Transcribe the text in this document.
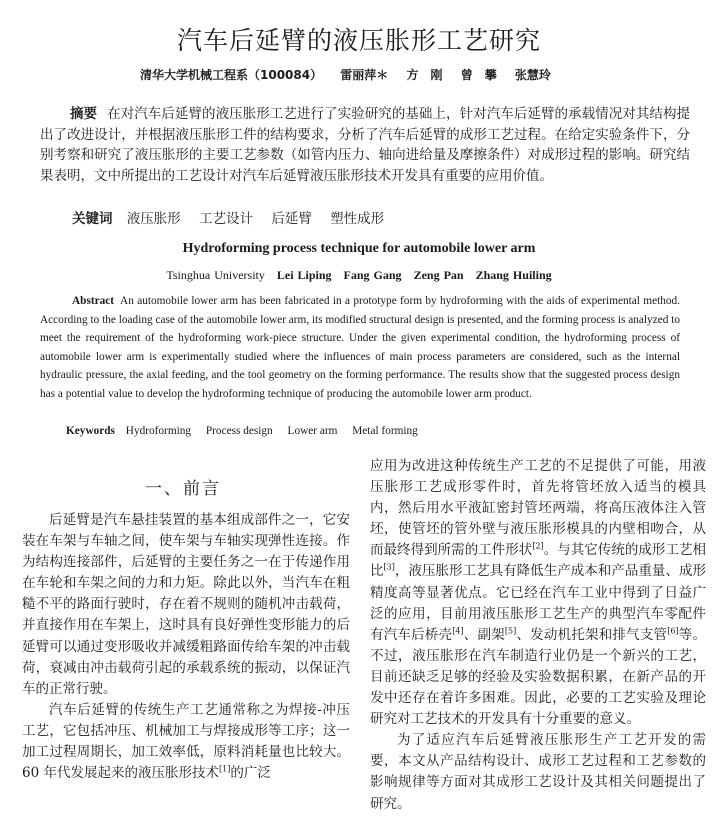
汽车后延臂的液压胀形工艺研究
清华大学机械工程系（100084） 雷丽萍＊ 方　刚 曾　攀 张慧玲
摘要 在对汽车后延臂的液压胀形工艺进行了实验研究的基础上，针对汽车后延臂的承载情况对其结构提出了改进设计，并根据液压胀形工件的结构要求，分析了汽车后延臂的成形工艺过程。在给定实验条件下，分别考察和研究了液压胀形的主要工艺参数（如管内压力、轴向进给量及摩擦条件）对成形过程的影响。研究结果表明，文中所提出的工艺设计对汽车后延臂液压胀形技术开发具有重要的应用价值。
关键词 液压胀形 工艺设计 后延臂 塑性成形
Hydroforming process technique for automobile lower arm
Tsinghua University Lei Liping Fang Gang Zeng Pan Zhang Huiling
Abstract An automobile lower arm has been fabricated in a prototype form by hydroforming with the aids of experimental method. According to the loading case of the automobile lower arm, its modified structural design is presented, and the forming process is analyzed to meet the requirement of the hydroforming work-piece structure. Under the given experimental condition, the hydroforming process of automobile lower arm is experimentally studied where the influences of main process parameters are considered, such as the internal hydraulic pressure, the axial feeding, and the tool geometry on the forming performance. The results show that the suggested process design has a potential value to develop the hydroforming technique of producing the automobile lower arm product.
Keywords Hydroforming Process design Lower arm Metal forming
一、前言

后延臂是汽车悬挂装置的基本组成部件之一，它安装在车架与车轴之间，使车架与车轴实现弹性连接。作为结构连接部件，后延臂的主要任务之一在于传递作用在车轮和车架之间的力和力矩。除此以外，当汽车在粗糙不平的路面行驶时，存在着不规则的随机冲击载荷，并直接作用在车架上，这时具有良好弹性变形能力的后延臂可以通过变形吸收并减缓粗路面传给车架的冲击载荷，衰减由冲击载荷引起的承载系统的振动，以保证汽车的正常行驶。

汽车后延臂的传统生产工艺通常称之为焊接-冲压工艺，它包括冲压、机械加工与焊接成形等工序；这一加工过程周期长，加工效率低，原料消耗量也比较大。60 年代发展起来的液压胀形技术[1]的广泛

应用为改进这种传统生产工艺的不足提供了可能，用液压胀形工艺成形零件时，首先将管坯放入适当的模具内，然后用水平液缸密封管坯两端，将高压液体注入管坯，使管坯的管外壁与液压胀形模具的内壁相吻合，从而最终得到所需的工件形状[2]。与其它传统的成形工艺相比[3]，液压胀形工艺具有降低生产成本和产品重量、成形精度高等显著优点。它已经在汽车工业中得到了日益广泛的应用，目前用液压胀形工艺生产的典型汽车零配件有汽车后桥壳[4]、副架[5]、发动机托架和排气支管[6]等。不过，液压胀形在汽车制造行业仍是一个新兴的工艺，目前还缺乏足够的经验及实验数据积累，在新产品的开发中还存在着许多困难。因此，必要的工艺实验及理论研究对工艺技术的开发具有十分重要的意义。

为了适应汽车后延臂液压胀形生产工艺开发的需要，本文从产品结构设计、成形工艺过程和工艺参数的影响规律等方面对其成形工艺设计及其相关问题提出了研究。
